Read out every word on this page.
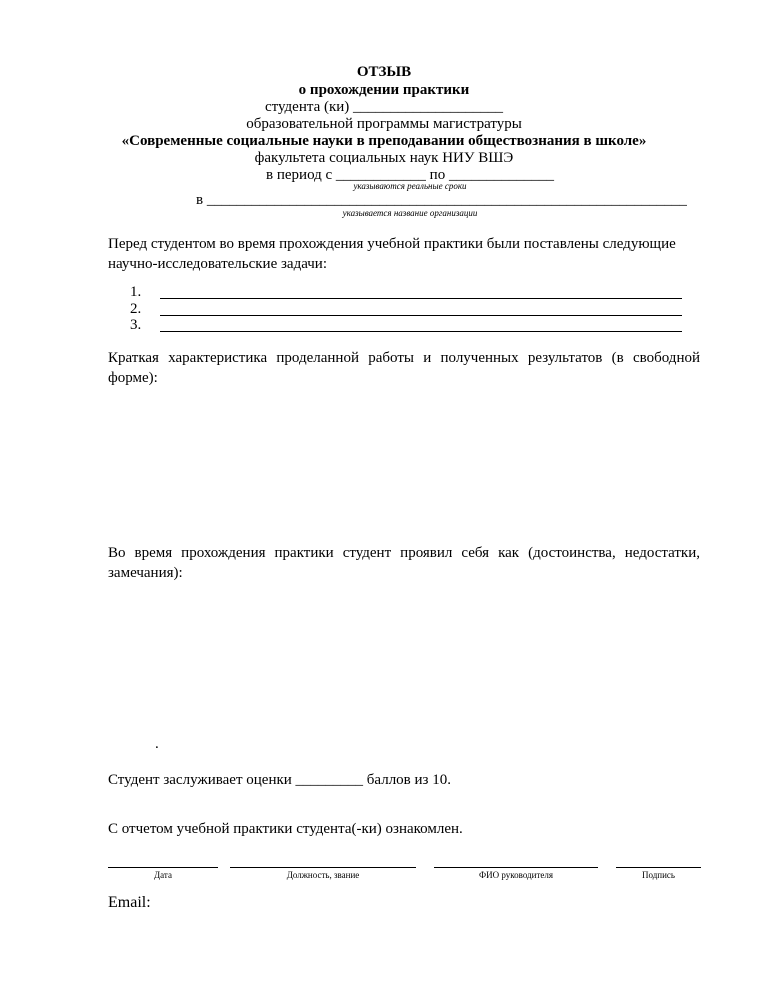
ОТЗЫВ
о прохождении практики
студента (ки) ____________________
образовательной программы магистратуры
«Современные социальные науки в преподавании обществознания в школе»
факультета социальных наук НИУ ВШЭ
в период с ____________ по ______________
указываются реальные сроки
в ________________________________________________________________
указывается название организации
Перед студентом во время прохождения учебной практики были поставлены следующие научно-исследовательские задачи:
1.
2.
3.
Краткая характеристика проделанной работы и полученных результатов (в свободной форме):
Во время прохождения практики студент проявил себя как (достоинства, недостатки, замечания):
.
Студент заслуживает оценки _________ баллов из 10.
С отчетом учебной практики студента(-ки) ознакомлен.
Дата	Должность, звание	ФИО руководителя	Подпись
Email:
